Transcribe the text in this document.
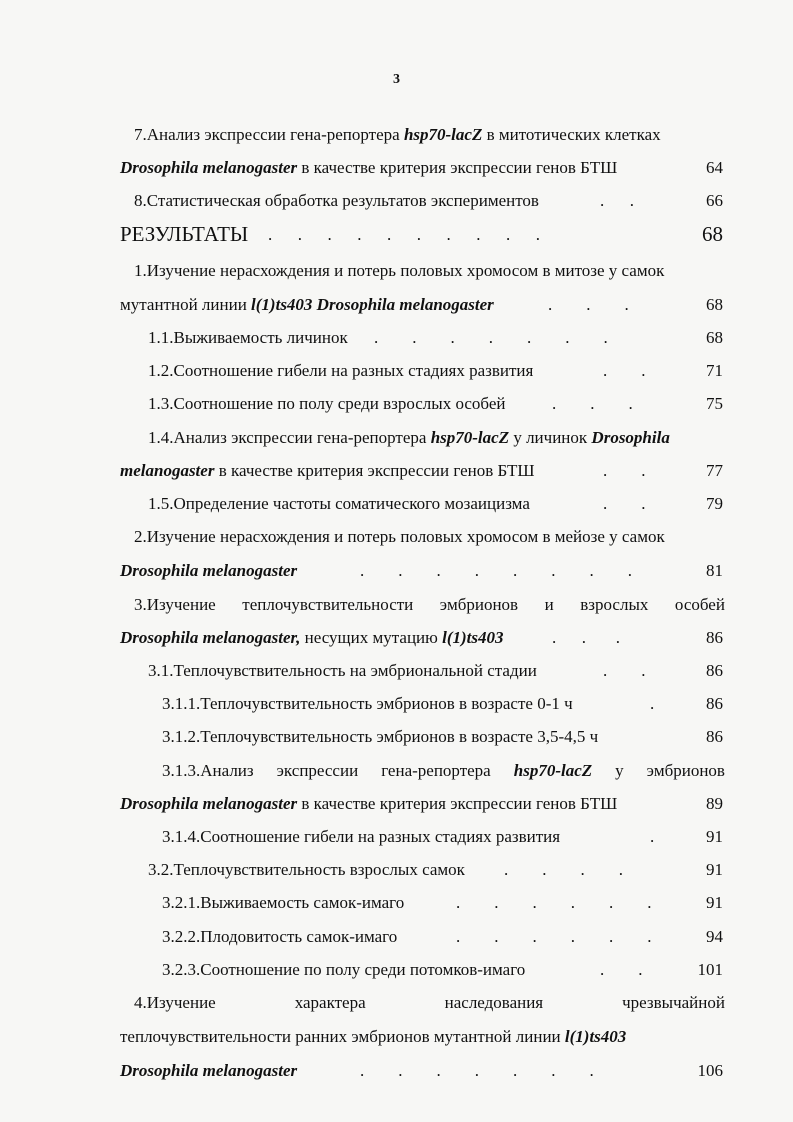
3
7.Анализ экспрессии гена-репортера hsp70-lacZ в митотических клетках
Drosophila melanogaster в качестве критерия экспрессии генов БТШ	64
8.Статистическая обработка результатов экспериментов	.      .	66
РЕЗУЛЬТАТЫ .      .      .      .      .      .      .      .      .      .	68
1.Изучение нерасхождения и потерь половых хромосом в митозе у самок
мутантной линии l(1)ts403 Drosophila melanogaster	.        .        .	68
1.1.Выживаемость личинок .        .        .        .        .        .        .	68
1.2.Соотношение гибели на разных стадиях развития	.        .	71
1.3.Соотношение по полу среди взрослых особей	.        .        .	75
1.4.Анализ экспрессии гена-репортера hsp70-lacZ у личинок Drosophila
melanogaster в качестве критерия экспрессии генов БТШ	.        .	77
1.5.Определение частоты соматического мозаицизма	.        .	79
2.Изучение нерасхождения и потерь половых хромосом в мейозе у самок
Drosophila melanogaster	.        .        .        .        .        .        .        .	81
3.Изучение теплочувствительности эмбрионов и взрослых особей
Drosophila melanogaster, несущих мутацию l(1)ts403	.      .       .	86
3.1.Теплочувствительность на эмбриональной стадии	.        .	86
3.1.1.Теплочувствительность эмбрионов в возрасте 0-1 ч	.	86
3.1.2.Теплочувствительность эмбрионов в возрасте 3,5-4,5 ч	86
3.1.3.Анализ экспрессии гена-репортера hsp70-lacZ у эмбрионов
Drosophila melanogaster в качестве критерия экспрессии генов БТШ	89
3.1.4.Соотношение гибели на разных стадиях развития	.	91
3.2.Теплочувствительность взрослых самок .        .        .        .	91
3.2.1.Выживаемость самок-имаго	.        .        .        .        .        .	91
3.2.2.Плодовитость самок-имаго	.        .        .        .        .        .	94
3.2.3.Соотношение по полу среди потомков-имаго	.        .	101
4.Изучение	характера	наследования	чрезвычайной
теплочувствительности ранних эмбрионов мутантной линии l(1)ts403
Drosophila melanogaster	.        .        .        .        .        .        .	106
